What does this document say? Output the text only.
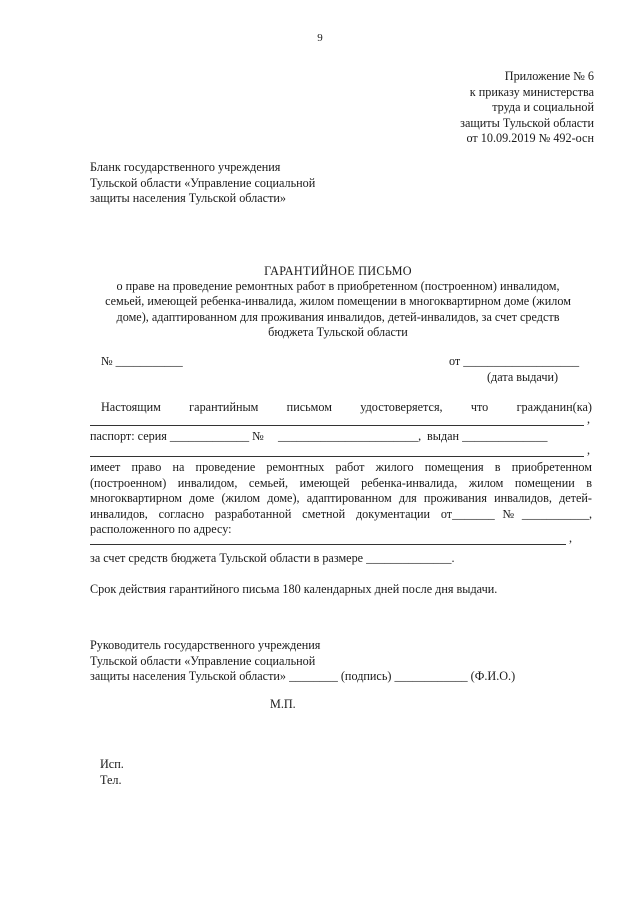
9
Приложение № 6
к приказу министерства
труда и социальной
защиты Тульской области
от 10.09.2019 № 492-осн
Бланк государственного учреждения
Тульской области «Управление социальной
защиты населения Тульской области»
ГАРАНТИЙНОЕ ПИСЬМО
о праве на проведение ремонтных работ в приобретенном (построенном) инвалидом,
семьей, имеющей ребенка-инвалида, жилом помещении в многоквартирном доме (жилом
доме), адаптированном для проживания инвалидов, детей-инвалидов, за счет средств
бюджета Тульской области
№ ___________	от ___________________
(дата выдачи)
Настоящим гарантийным письмом удостоверяется, что гражданин(ка)
,
паспорт: серия _____________ № _______________________, выдан ______________
,
имеет право на проведение ремонтных работ жилого помещения в приобретенном (построенном) инвалидом, семьей, имеющей ребенка-инвалида, жилом помещении в многоквартирном доме (жилом доме), адаптированном для проживания инвалидов, детей-инвалидов, согласно разработанной сметной документации от_______№___________, расположенного по адресу:
,
за счет средств бюджета Тульской области в размере ______________.
Срок действия гарантийного письма 180 календарных дней после дня выдачи.
Руководитель государственного учреждения
Тульской области «Управление социальной
защиты населения Тульской области» ________ (подпись) ____________ (Ф.И.О.)
М.П.
Исп.
Тел.
